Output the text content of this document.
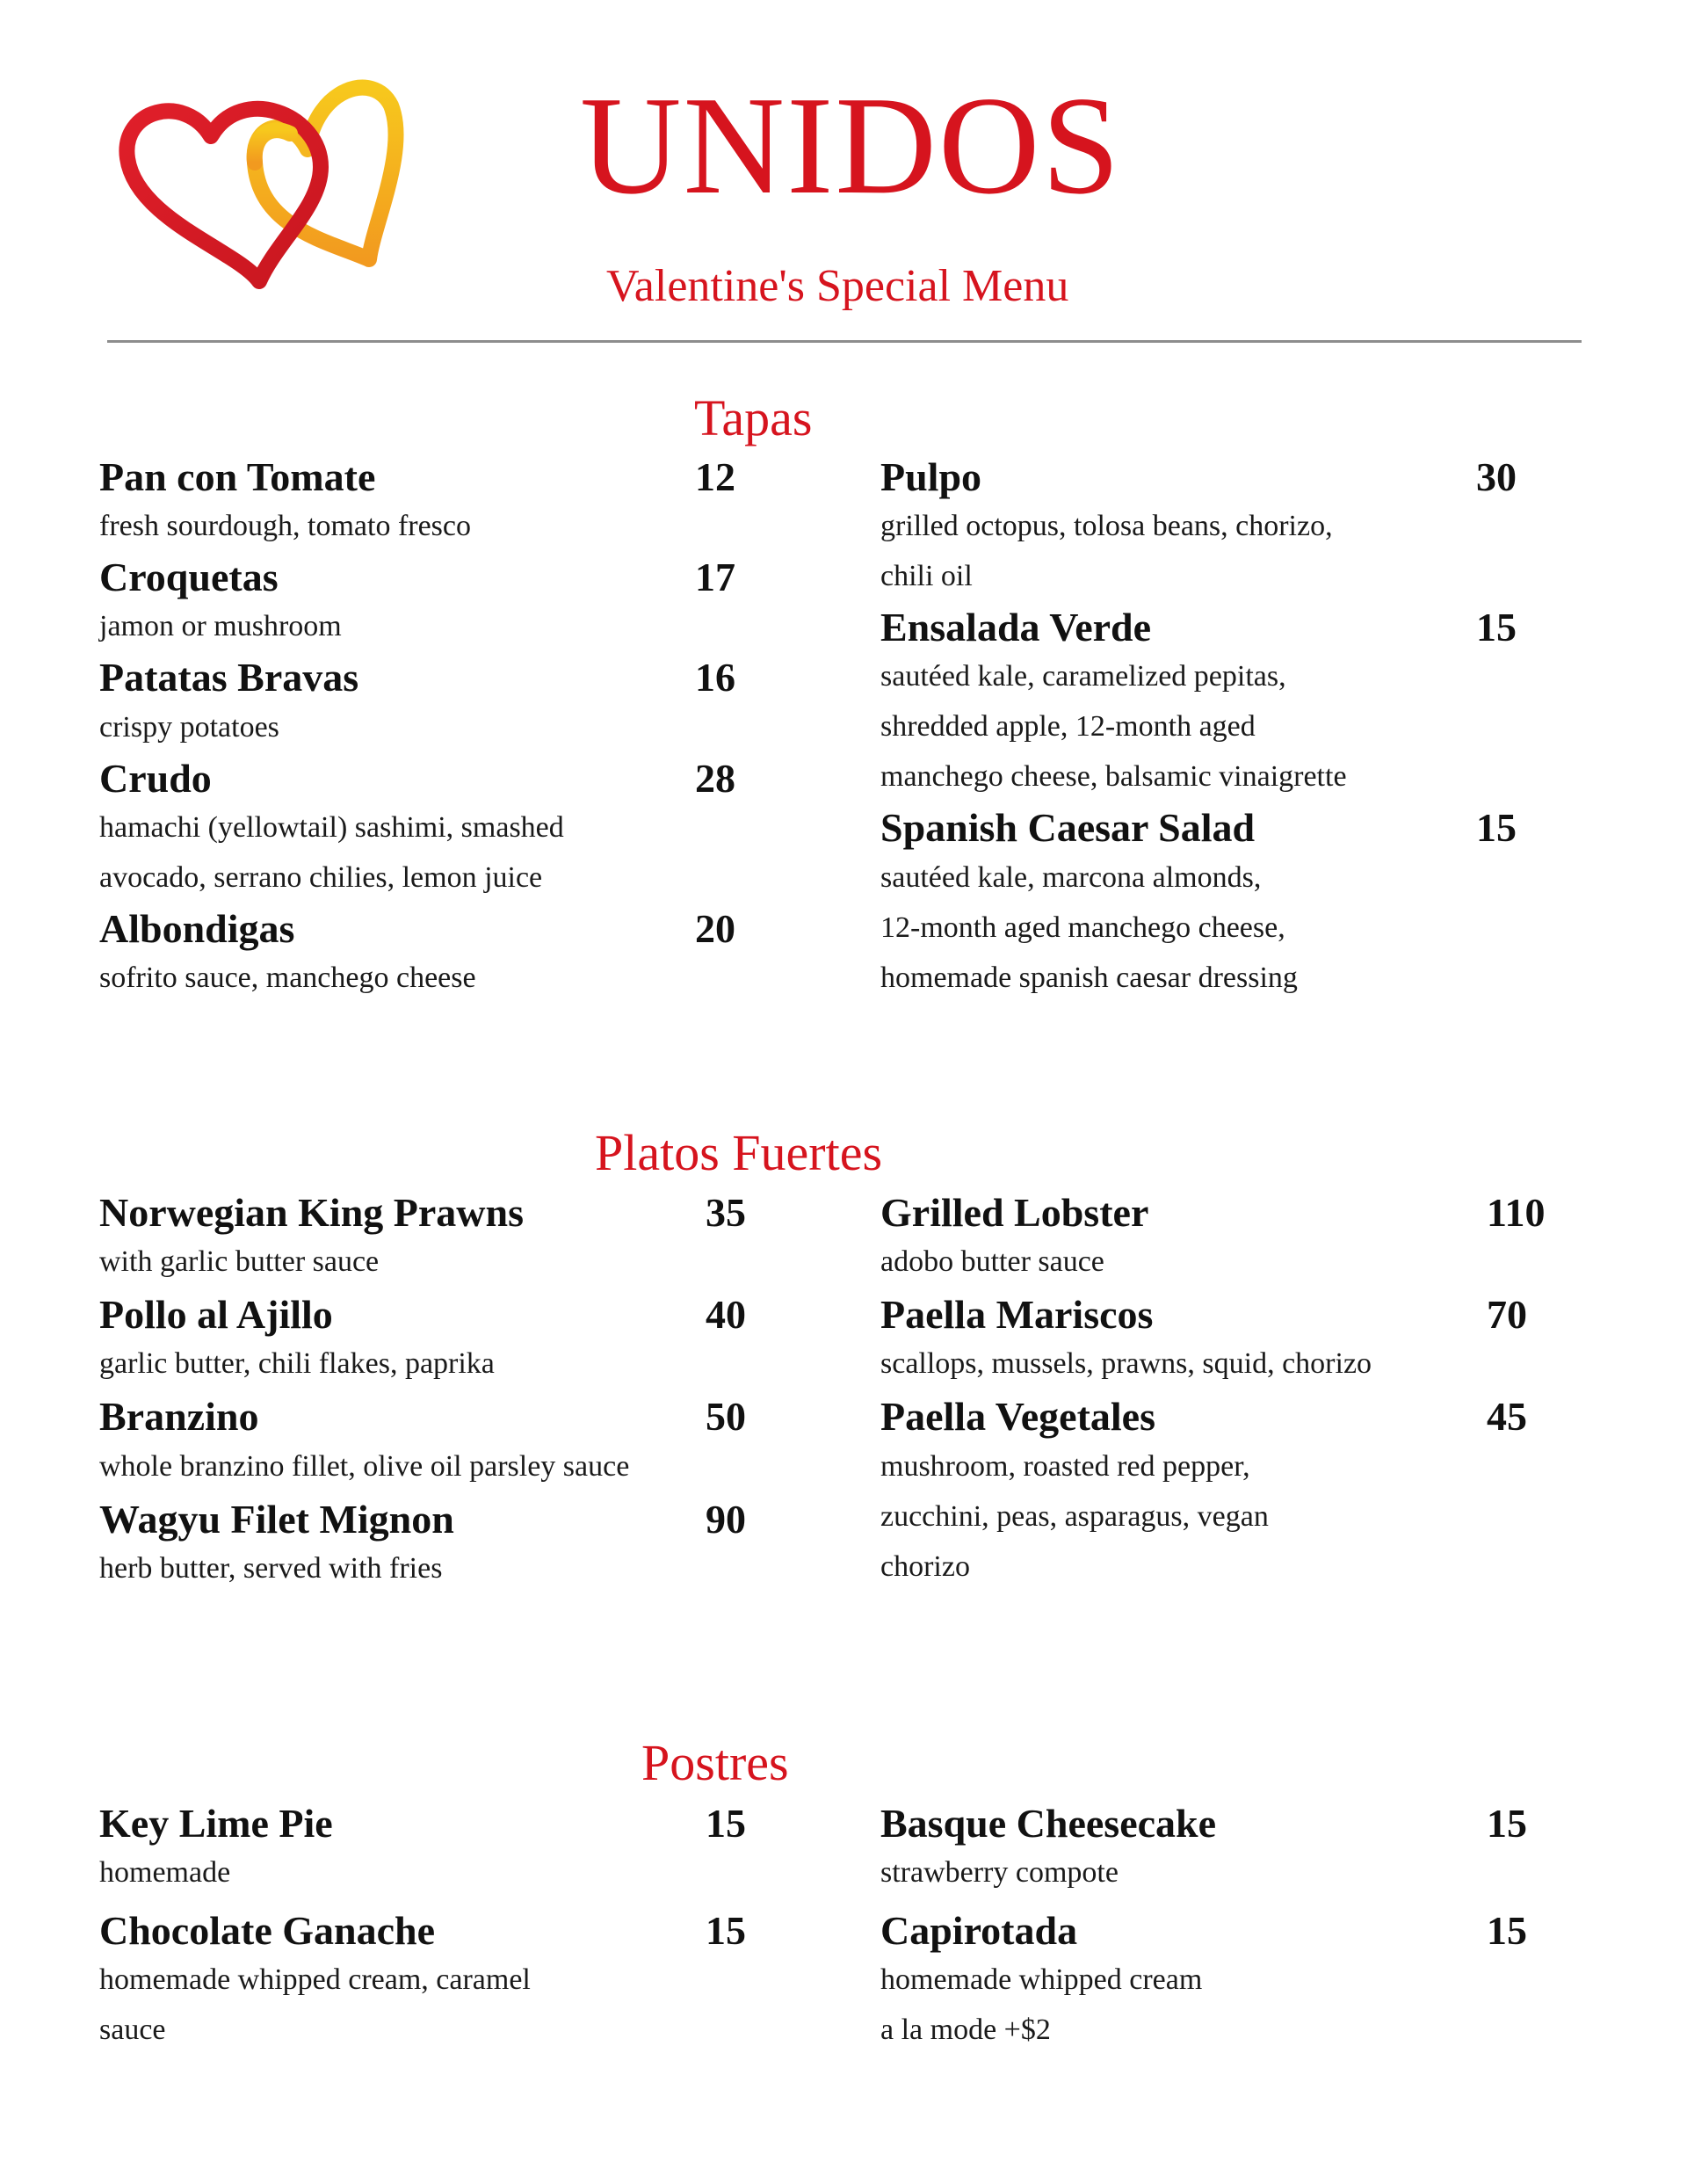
UNIDOS
Valentine's Special Menu
Tapas
Platos Fuertes
Postres
Pan con Tomate	12
fresh sourdough, tomato fresco
Croquetas	17
jamon or mushroom
Patatas Bravas	16
crispy potatoes
Crudo	28
hamachi (yellowtail) sashimi, smashed
avocado, serrano chilies, lemon juice
Albondigas	20
sofrito sauce, manchego cheese
Pulpo	30
grilled octopus, tolosa beans, chorizo,
chili oil
Ensalada Verde	15
sautéed kale, caramelized pepitas,
shredded apple, 12-month aged
manchego cheese, balsamic vinaigrette
Spanish Caesar Salad	15
sautéed kale, marcona almonds,
12-month aged manchego cheese,
homemade spanish caesar dressing
Norwegian King Prawns	35
with garlic butter sauce
Pollo al Ajillo	40
garlic butter, chili flakes, paprika
Branzino	50
whole branzino fillet, olive oil parsley sauce
Wagyu Filet Mignon	90
herb butter, served with fries
Grilled Lobster	110
adobo butter sauce
Paella Mariscos	70
scallops, mussels, prawns, squid, chorizo
Paella Vegetales	45
mushroom, roasted red pepper,
zucchini, peas, asparagus, vegan
chorizo
Key Lime Pie	15
homemade
Chocolate Ganache	15
homemade whipped cream, caramel
sauce
Basque Cheesecake	15
strawberry compote
Capirotada	15
homemade whipped cream
a la mode +$2
